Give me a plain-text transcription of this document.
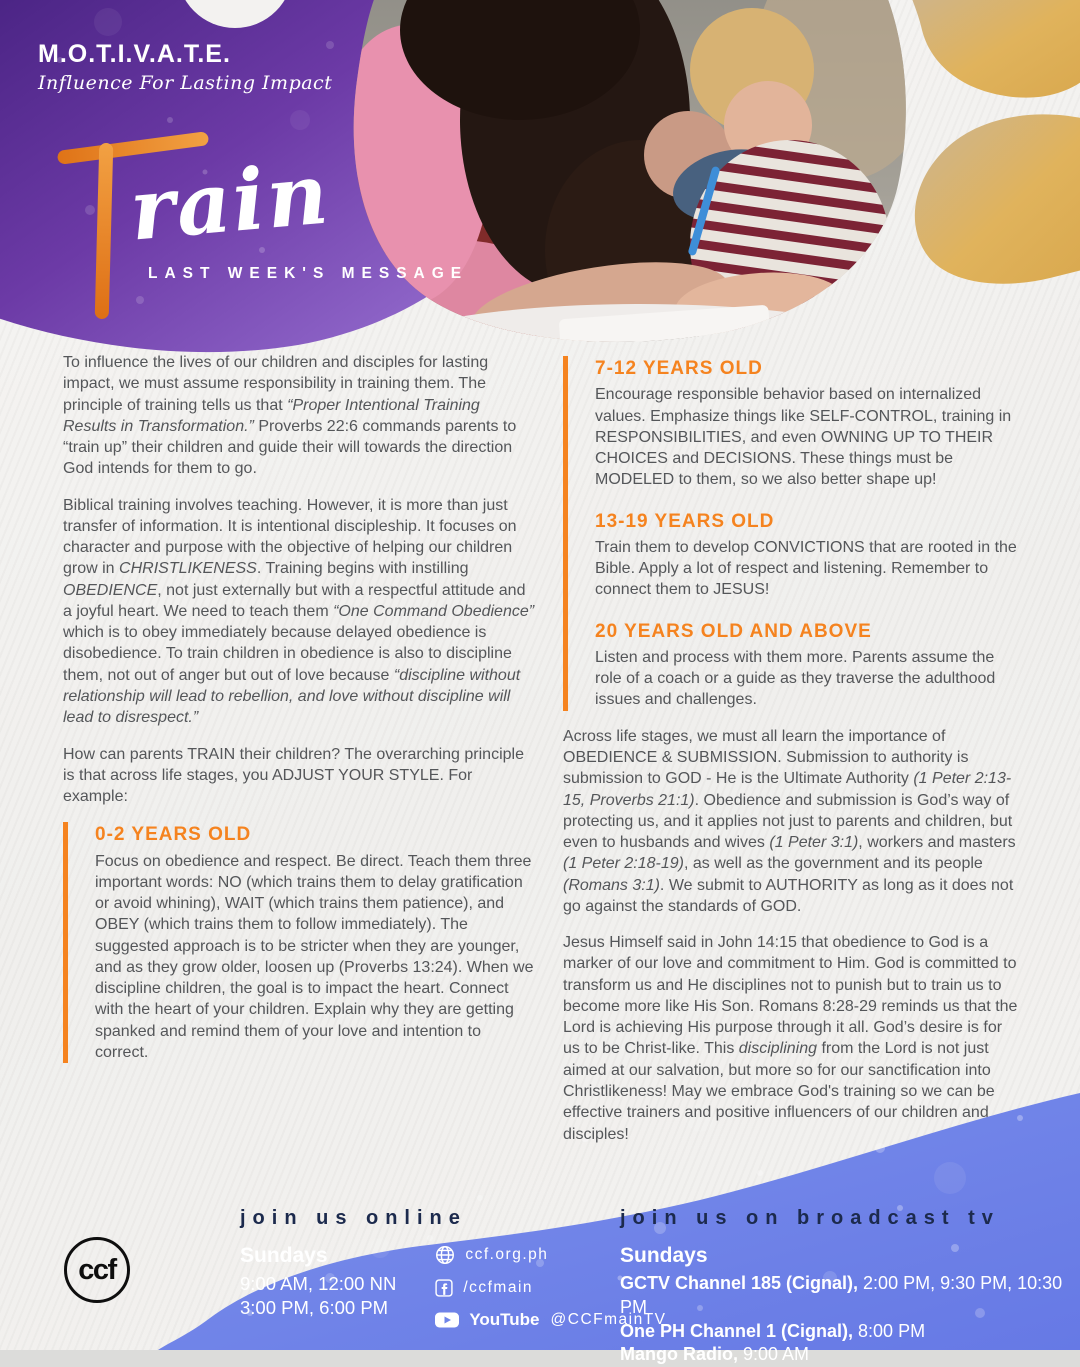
M.O.T.I.V.A.T.E.
Influence For Lasting Impact
rain
LAST WEEK'S MESSAGE

To influence the lives of our children and disciples for lasting impact, we must assume responsibility in training them. The principle of training tells us that “Proper Intentional Training Results in Transformation.” Proverbs 22:6 commands parents to “train up” their children and guide their will towards the direction God intends for them to go.

Biblical training involves teaching. However, it is more than just transfer of information. It is intentional discipleship. It focuses on character and purpose with the objective of helping our children grow in CHRISTLIKENESS. Training begins with instilling OBEDIENCE, not just externally but with a respectful attitude and a joyful heart. We need to teach them “One Command Obedience” which is to obey immediately because delayed obedience is disobedience. To train children in obedience is also to discipline them, not out of anger but out of love because “discipline without relationship will lead to rebellion, and love without discipline will lead to disrespect.”

How can parents TRAIN their children? The overarching principle is that across life stages, you ADJUST YOUR STYLE. For example:

0-2 YEARS OLD

Focus on obedience and respect. Be direct. Teach them three important words: NO (which trains them to delay gratification or avoid whining), WAIT (which trains them patience), and OBEY (which trains them to follow immediately). The suggested approach is to be stricter when they are younger, and as they grow older, loosen up (Proverbs 13:24). When we discipline children, the goal is to impact the heart. Connect with the heart of your children. Explain why they are getting spanked and remind them of your love and intention to correct.

7-12 YEARS OLD

Encourage responsible behavior based on internalized values. Emphasize things like SELF-CONTROL, training in RESPONSIBILITIES, and even OWNING UP TO THEIR CHOICES and DECISIONS. These things must be MODELED to them, so we also better shape up!

13-19 YEARS OLD

Train them to develop CONVICTIONS that are rooted in the Bible. Apply a lot of respect and listening. Remember to connect them to JESUS!

20 YEARS OLD AND ABOVE

Listen and process with them more. Parents assume the role of a coach or a guide as they traverse the adulthood issues and challenges.

Across life stages, we must all learn the importance of OBEDIENCE & SUBMISSION. Submission to authority is submission to GOD - He is the Ultimate Authority (1 Peter 2:13-15, Proverbs 21:1). Obedience and submission is God’s way of protecting us, and it applies not just to parents and children, but even to husbands and wives (1 Peter 3:1), workers and masters (1 Peter 2:18-19), as well as the government and its people (Romans 3:1). We submit to AUTHORITY as long as it does not go against the standards of GOD.

Jesus Himself said in John 14:15 that obedience to God is a marker of our love and commitment to Him. God is committed to transform us and He disciplines not to punish but to train us to become more like His Son. Romans 8:28-29 reminds us that the Lord is achieving His purpose through it all. God’s desire is for us to be Christ-like. This disciplining from the Lord is not just aimed at our salvation, but more so for our sanctification into Christlikeness! May we embrace God's training so we can be effective trainers and positive influencers of our children and disciples!

ccf
join us online
Sundays
9:00 AM, 12:00 NN
3:00 PM, 6:00 PM
ccf.org.ph
/ccfmain
YouTube @CCFmainTV
join us on broadcast tv
Sundays
GCTV Channel 185 (Cignal), 2:00 PM, 9:30 PM, 10:30 PM
One PH Channel 1 (Cignal), 8:00 PM
Mango Radio, 9:00 AM
